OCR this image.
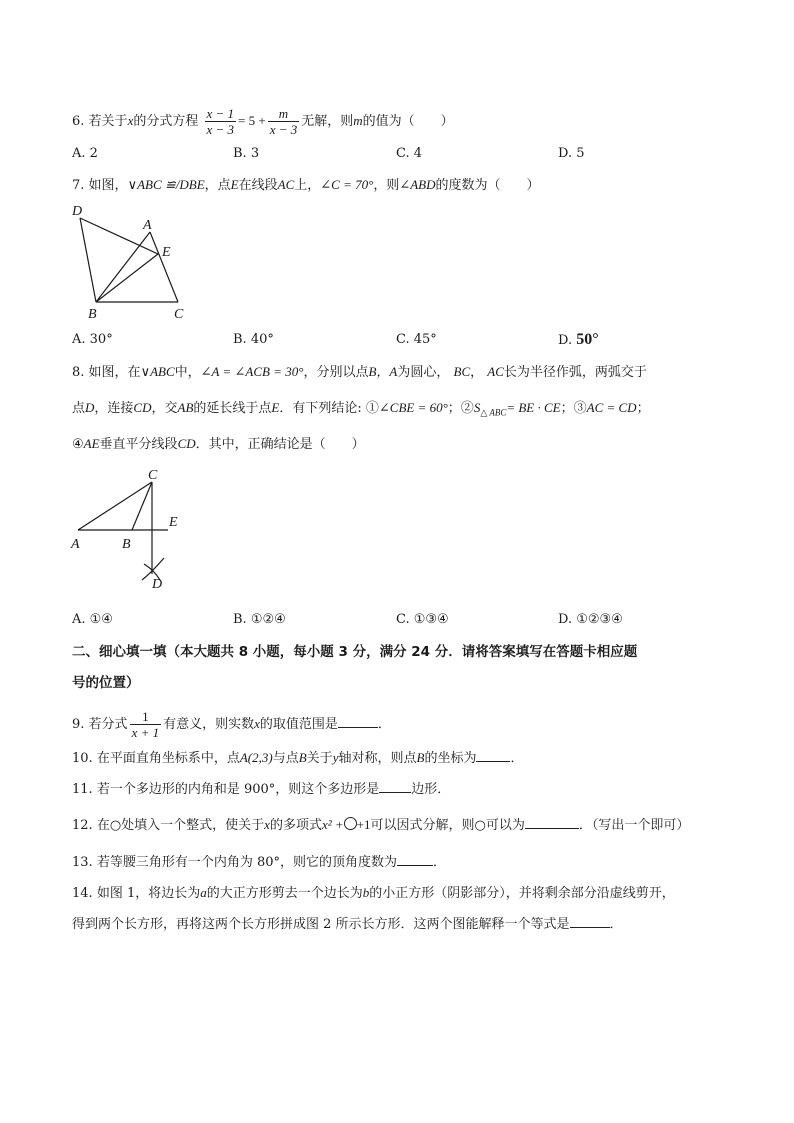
6. 若关于x的分式方程 $\frac{x - 1}{x - 3} = 5 + \frac{m}{x - 3}$ 无解，则m的值为（　　）
A. 2	B. 3	C. 4	D. 5
7. 如图，∨ABC ≌/DBE，点E在线段AC上，∠C = 70°，则∠ABD的度数为（　　）
D
A
E
B	C
A. 30°	B. 40°	C. 45°	D. 50°
8. 如图，在∨ABC中，∠A = ∠ACB = 30°，分别以点B，A为圆心， BC， AC长为半径作弧，两弧交于
点D，连接CD，交AB的延长线于点E．有下列结论: ①∠CBE = 60°；$②S_{\triangle ABC}=$ BE · CE；③AC = CD；
④AE垂直平分线段CD．其中，正确结论是（　　）
C
E
A	B
D
A. ①④	B. ①②④	C. ①③④	D. ①②③④
二、细心填一填（本大题共 8 小题，每小题 3 分，满分 24 分．请将答案填写在答题卡相应题
号的位置）
9. 若分式 $\frac{1}{x + 1}$ 有意义，则实数x的取值范围是	．
10. 在平面直角坐标系中，点A(2,3)与点B关于y轴对称，则点B的坐标为	．
11. 若一个多边形的内角和是 900°，则这个多边形是 边形．
12. 在○处填入一个整式，使关于x的多项式x² + +1可以因式分解，则○可以为	．（写出一个即可）
13. 若等腰三角形有一个内角为 80°，则它的顶角度数为	．
14. 如图 1，将边长为a的大正方形剪去一个边长为b的小正方形（阴影部分），并将剩余部分沿虚线剪开，
得到两个长方形，再将这两个长方形拼成图 2 所示长方形．这两个图能解释一个等式是	．
